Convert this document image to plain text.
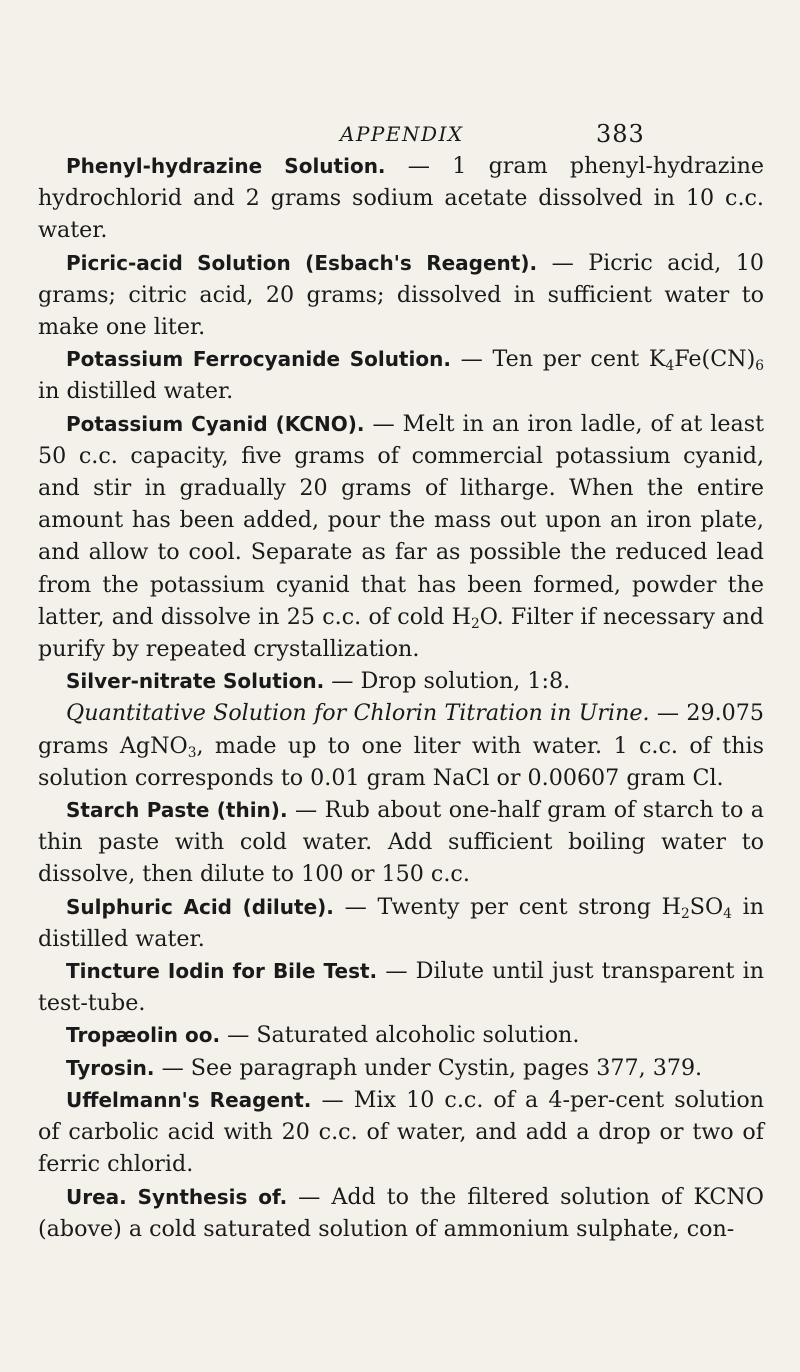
APPENDIX	383

Phenyl-hydrazine Solution. — 1 gram phenyl-hydrazine hydrochlorid and 2 grams sodium acetate dissolved in 10 c.c. water.

Picric-acid Solution (Esbach's Reagent). — Picric acid, 10 grams; citric acid, 20 grams; dissolved in sufficient water to make one liter.

Potassium Ferrocyanide Solution. — Ten per cent $K_4Fe(CN)_6$ in distilled water.

Potassium Cyanid (KCNO). — Melt in an iron ladle, of at least 50 c.c. capacity, five grams of commercial potassium cyanid, and stir in gradually 20 grams of litharge. When the entire amount has been added, pour the mass out upon an iron plate, and allow to cool. Separate as far as possible the reduced lead from the potassium cyanid that has been formed, powder the latter, and dissolve in 25 c.c. of cold $H_2O$. Filter if necessary and purify by repeated crystallization.

Silver-nitrate Solution. — Drop solution, 1:8.

Quantitative Solution for Chlorin Titration in Urine. — 29.075 grams AgNO$_3$, made up to one liter with water. 1 c.c. of this solution corresponds to 0.01 gram NaCl or 0.00607 gram Cl.

Starch Paste (thin). — Rub about one-half gram of starch to a thin paste with cold water. Add sufficient boiling water to dissolve, then dilute to 100 or 150 c.c.

Sulphuric Acid (dilute). — Twenty per cent strong $H_2SO_4$ in distilled water.

Tincture Iodin for Bile Test. — Dilute until just transparent in test-tube.

Tropæolin oo. — Saturated alcoholic solution.

Tyrosin. — See paragraph under Cystin, pages 377, 379.

Uffelmann's Reagent. — Mix 10 c.c. of a 4-per-cent solution of carbolic acid with 20 c.c. of water, and add a drop or two of ferric chlorid.

Urea. Synthesis of. — Add to the filtered solution of KCNO (above) a cold saturated solution of ammonium sulphate, con-
